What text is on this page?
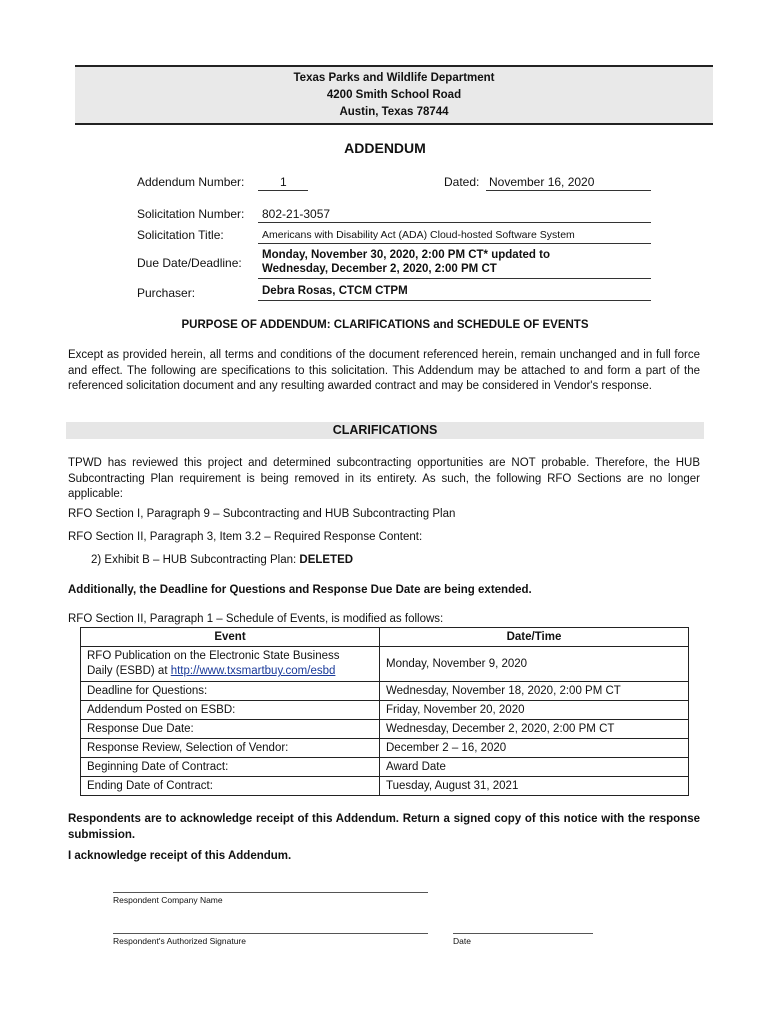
Texas Parks and Wildlife Department
4200 Smith School Road
Austin, Texas 78744
ADDENDUM
Addendum Number:	1	Dated: November 16, 2020
Solicitation Number:	802-21-3057
Solicitation Title:	Americans with Disability Act (ADA) Cloud-hosted Software System
Due Date/Deadline:
Monday, November 30, 2020, 2:00 PM CT* updated to
Wednesday, December 2, 2020, 2:00 PM CT
Purchaser:	Debra Rosas, CTCM CTPM
PURPOSE OF ADDENDUM: CLARIFICATIONS and SCHEDULE OF EVENTS
Except as provided herein, all terms and conditions of the document referenced herein, remain unchanged and in full force and effect. The following are specifications to this solicitation. This Addendum may be attached to and form a part of the referenced solicitation document and any resulting awarded contract and may be considered in Vendor's response.
CLARIFICATIONS
TPWD has reviewed this project and determined subcontracting opportunities are NOT probable. Therefore, the HUB Subcontracting Plan requirement is being removed in its entirety. As such, the following RFO Sections are no longer applicable:
RFO Section I, Paragraph 9 – Subcontracting and HUB Subcontracting Plan
RFO Section II, Paragraph 3, Item 3.2 – Required Response Content:
2) Exhibit B – HUB Subcontracting Plan: DELETED
Additionally, the Deadline for Questions and Response Due Date are being extended.
RFO Section II, Paragraph 1 – Schedule of Events, is modified as follows:
Event	Date/Time

RFO Publication on the Electronic State Business
Daily (ESBD) at http://www.txsmartbuy.com/esbd	Monday, November 9, 2020
Deadline for Questions:	Wednesday, November 18, 2020, 2:00 PM CT
Addendum Posted on ESBD:	Friday, November 20, 2020
Response Due Date:	Wednesday, December 2, 2020, 2:00 PM CT
Response Review, Selection of Vendor:	December 2 – 16, 2020
Beginning Date of Contract:	Award Date
Ending Date of Contract:	Tuesday, August 31, 2021
Respondents are to acknowledge receipt of this Addendum. Return a signed copy of this notice with the response submission.
I acknowledge receipt of this Addendum.
Respondent Company Name
Respondent's Authorized Signature	Date
